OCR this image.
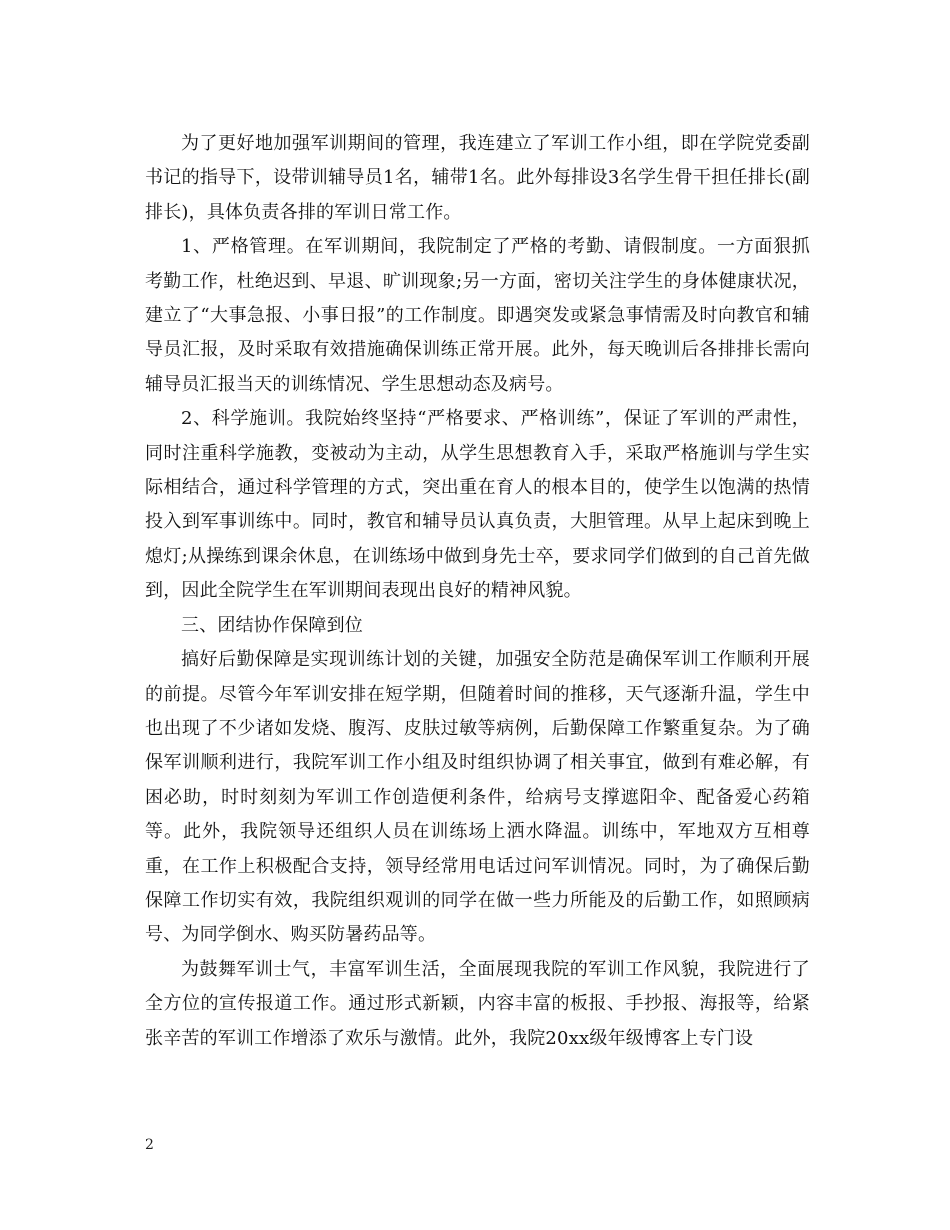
为了更好地加强军训期间的管理，我连建立了军训工作小组，即在学院党委副书记的指导下，设带训辅导员1名，辅带1名。此外每排设3名学生骨干担任排长(副排长)，具体负责各排的军训日常工作。

1、严格管理。在军训期间，我院制定了严格的考勤、请假制度。一方面狠抓考勤工作，杜绝迟到、早退、旷训现象;另一方面，密切关注学生的身体健康状况，建立了“大事急报、小事日报”的工作制度。即遇突发或紧急事情需及时向教官和辅导员汇报，及时采取有效措施确保训练正常开展。此外，每天晚训后各排排长需向辅导员汇报当天的训练情况、学生思想动态及病号。

2、科学施训。我院始终坚持“严格要求、严格训练”，保证了军训的严肃性，同时注重科学施教，变被动为主动，从学生思想教育入手，采取严格施训与学生实际相结合，通过科学管理的方式，突出重在育人的根本目的，使学生以饱满的热情投入到军事训练中。同时，教官和辅导员认真负责，大胆管理。从早上起床到晚上熄灯;从操练到课余休息，在训练场中做到身先士卒，要求同学们做到的自己首先做到，因此全院学生在军训期间表现出良好的精神风貌。

三、团结协作保障到位

搞好后勤保障是实现训练计划的关键，加强安全防范是确保军训工作顺利开展的前提。尽管今年军训安排在短学期，但随着时间的推移，天气逐渐升温，学生中也出现了不少诸如发烧、腹泻、皮肤过敏等病例，后勤保障工作繁重复杂。为了确保军训顺利进行，我院军训工作小组及时组织协调了相关事宜，做到有难必解，有困必助，时时刻刻为军训工作创造便利条件，给病号支撑遮阳伞、配备爱心药箱等。此外，我院领导还组织人员在训练场上洒水降温。训练中，军地双方互相尊重，在工作上积极配合支持，领导经常用电话过问军训情况。同时，为了确保后勤保障工作切实有效，我院组织观训的同学在做一些力所能及的后勤工作，如照顾病号、为同学倒水、购买防暑药品等。

为鼓舞军训士气，丰富军训生活，全面展现我院的军训工作风貌，我院进行了全方位的宣传报道工作。通过形式新颖，内容丰富的板报、手抄报、海报等，给紧张辛苦的军训工作增添了欢乐与激情。此外，我院20xx级年级博客上专门设

2
